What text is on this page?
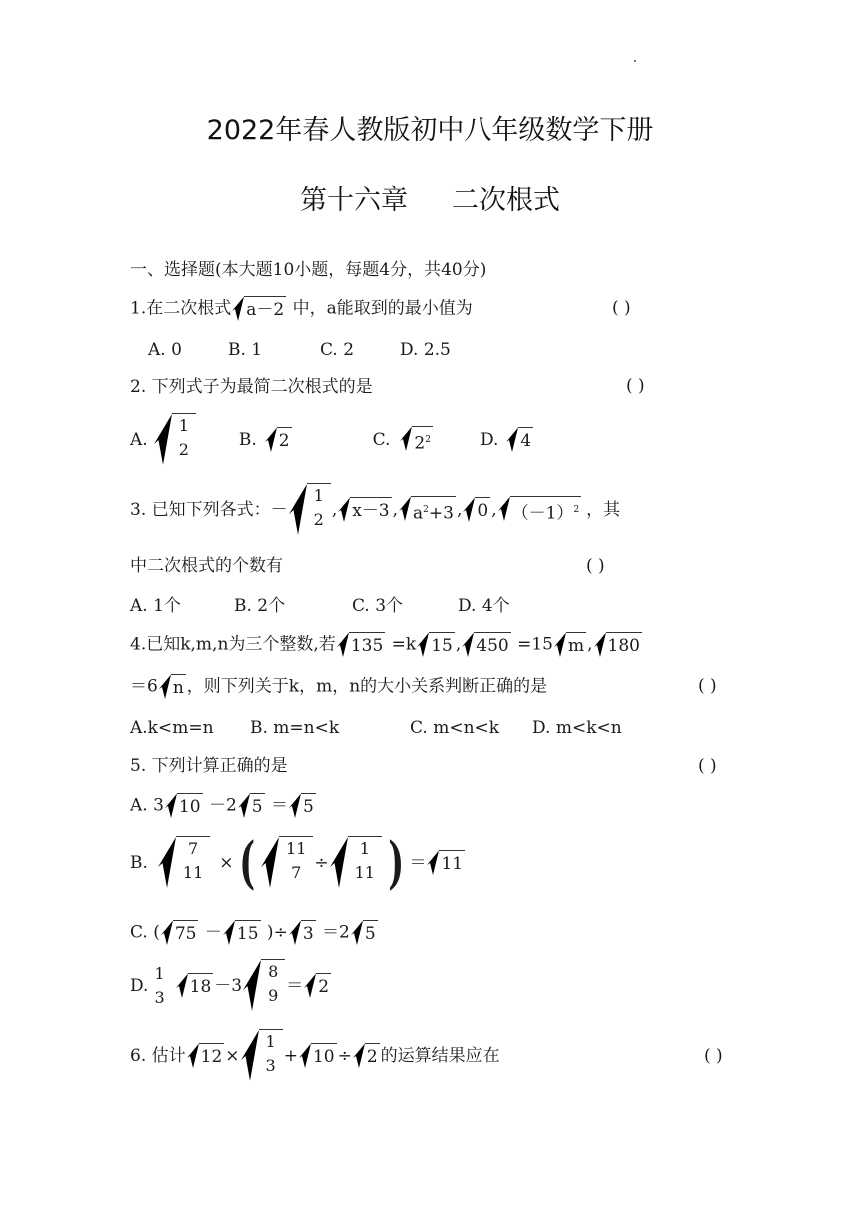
2022年春人教版初中八年级数学下册
第十六章 二次根式
一、选择题(本大题10小题，每题4分，共40分)
1.在二次根式 a－2 中，a能取到的最小值为	( )
A. 0	B. 1	C. 2	D. 2.5
2. 下列式子为最简二次根式的是	( )
A.
1
2	B. 2	C. $2^2$	D. 4
3. 已知下列各式：－
1
2 , x－3 , $a^2+3$ , 0 , $(-1)^2$ ，其
中二次根式的个数有	( )
A. 1个	B. 2个	C. 3个	D. 4个
4.已知k,m,n为三个整数,若 135 =k 15 , 450 =15 m , 180
＝6 n ，则下列关于k，m，n的大小关系判断正确的是	( )
A.k<m=n B. m=n<k	C. m<n<k D. m<k<n
5. 下列计算正确的是	( )
A. 3 10 －2 5 ＝ 5
B.
7
11 × ( 11
7 ÷
1
11 ) ＝ 11
C. ( 75 － 15 )÷ 3 ＝2 5
D.
1
3
18 －3
8
9 ＝ 2
6. 估计 12 ×
1
3 + 10 ÷ 2 的运算结果应在	( )
